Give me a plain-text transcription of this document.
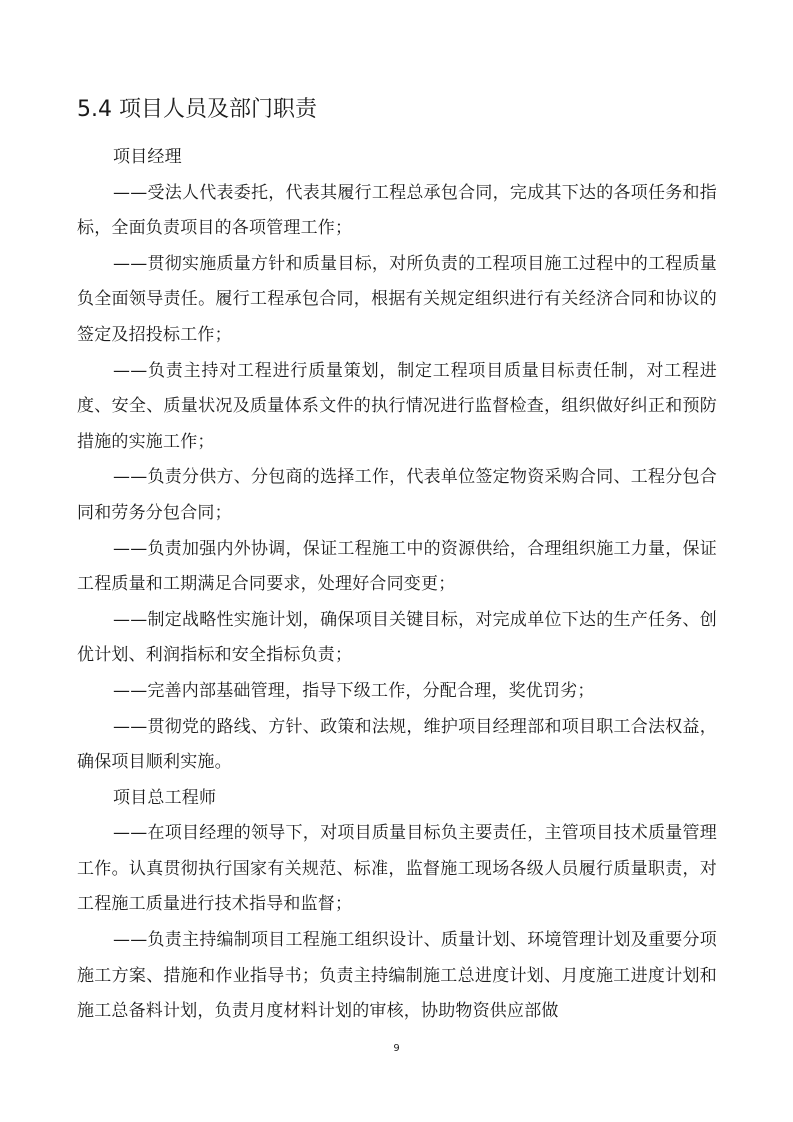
5.4 项目人员及部门职责

项目经理

——受法人代表委托，代表其履行工程总承包合同，完成其下达的各项任务和指标，全面负责项目的各项管理工作；

——贯彻实施质量方针和质量目标，对所负责的工程项目施工过程中的工程质量负全面领导责任。履行工程承包合同，根据有关规定组织进行有关经济合同和协议的签定及招投标工作；

——负责主持对工程进行质量策划，制定工程项目质量目标责任制，对工程进度、安全、质量状况及质量体系文件的执行情况进行监督检查，组织做好纠正和预防措施的实施工作；

——负责分供方、分包商的选择工作，代表单位签定物资采购合同、工程分包合同和劳务分包合同；

——负责加强内外协调，保证工程施工中的资源供给，合理组织施工力量，保证工程质量和工期满足合同要求，处理好合同变更；

——制定战略性实施计划，确保项目关键目标，对完成单位下达的生产任务、创优计划、利润指标和安全指标负责；

——完善内部基础管理，指导下级工作，分配合理，奖优罚劣；

——贯彻党的路线、方针、政策和法规，维护项目经理部和项目职工合法权益，确保项目顺利实施。

项目总工程师

——在项目经理的领导下，对项目质量目标负主要责任，主管项目技术质量管理工作。认真贯彻执行国家有关规范、标准，监督施工现场各级人员履行质量职责，对工程施工质量进行技术指导和监督；

——负责主持编制项目工程施工组织设计、质量计划、环境管理计划及重要分项施工方案、措施和作业指导书；负责主持编制施工总进度计划、月度施工进度计划和施工总备料计划，负责月度材料计划的审核，协助物资供应部做

9
